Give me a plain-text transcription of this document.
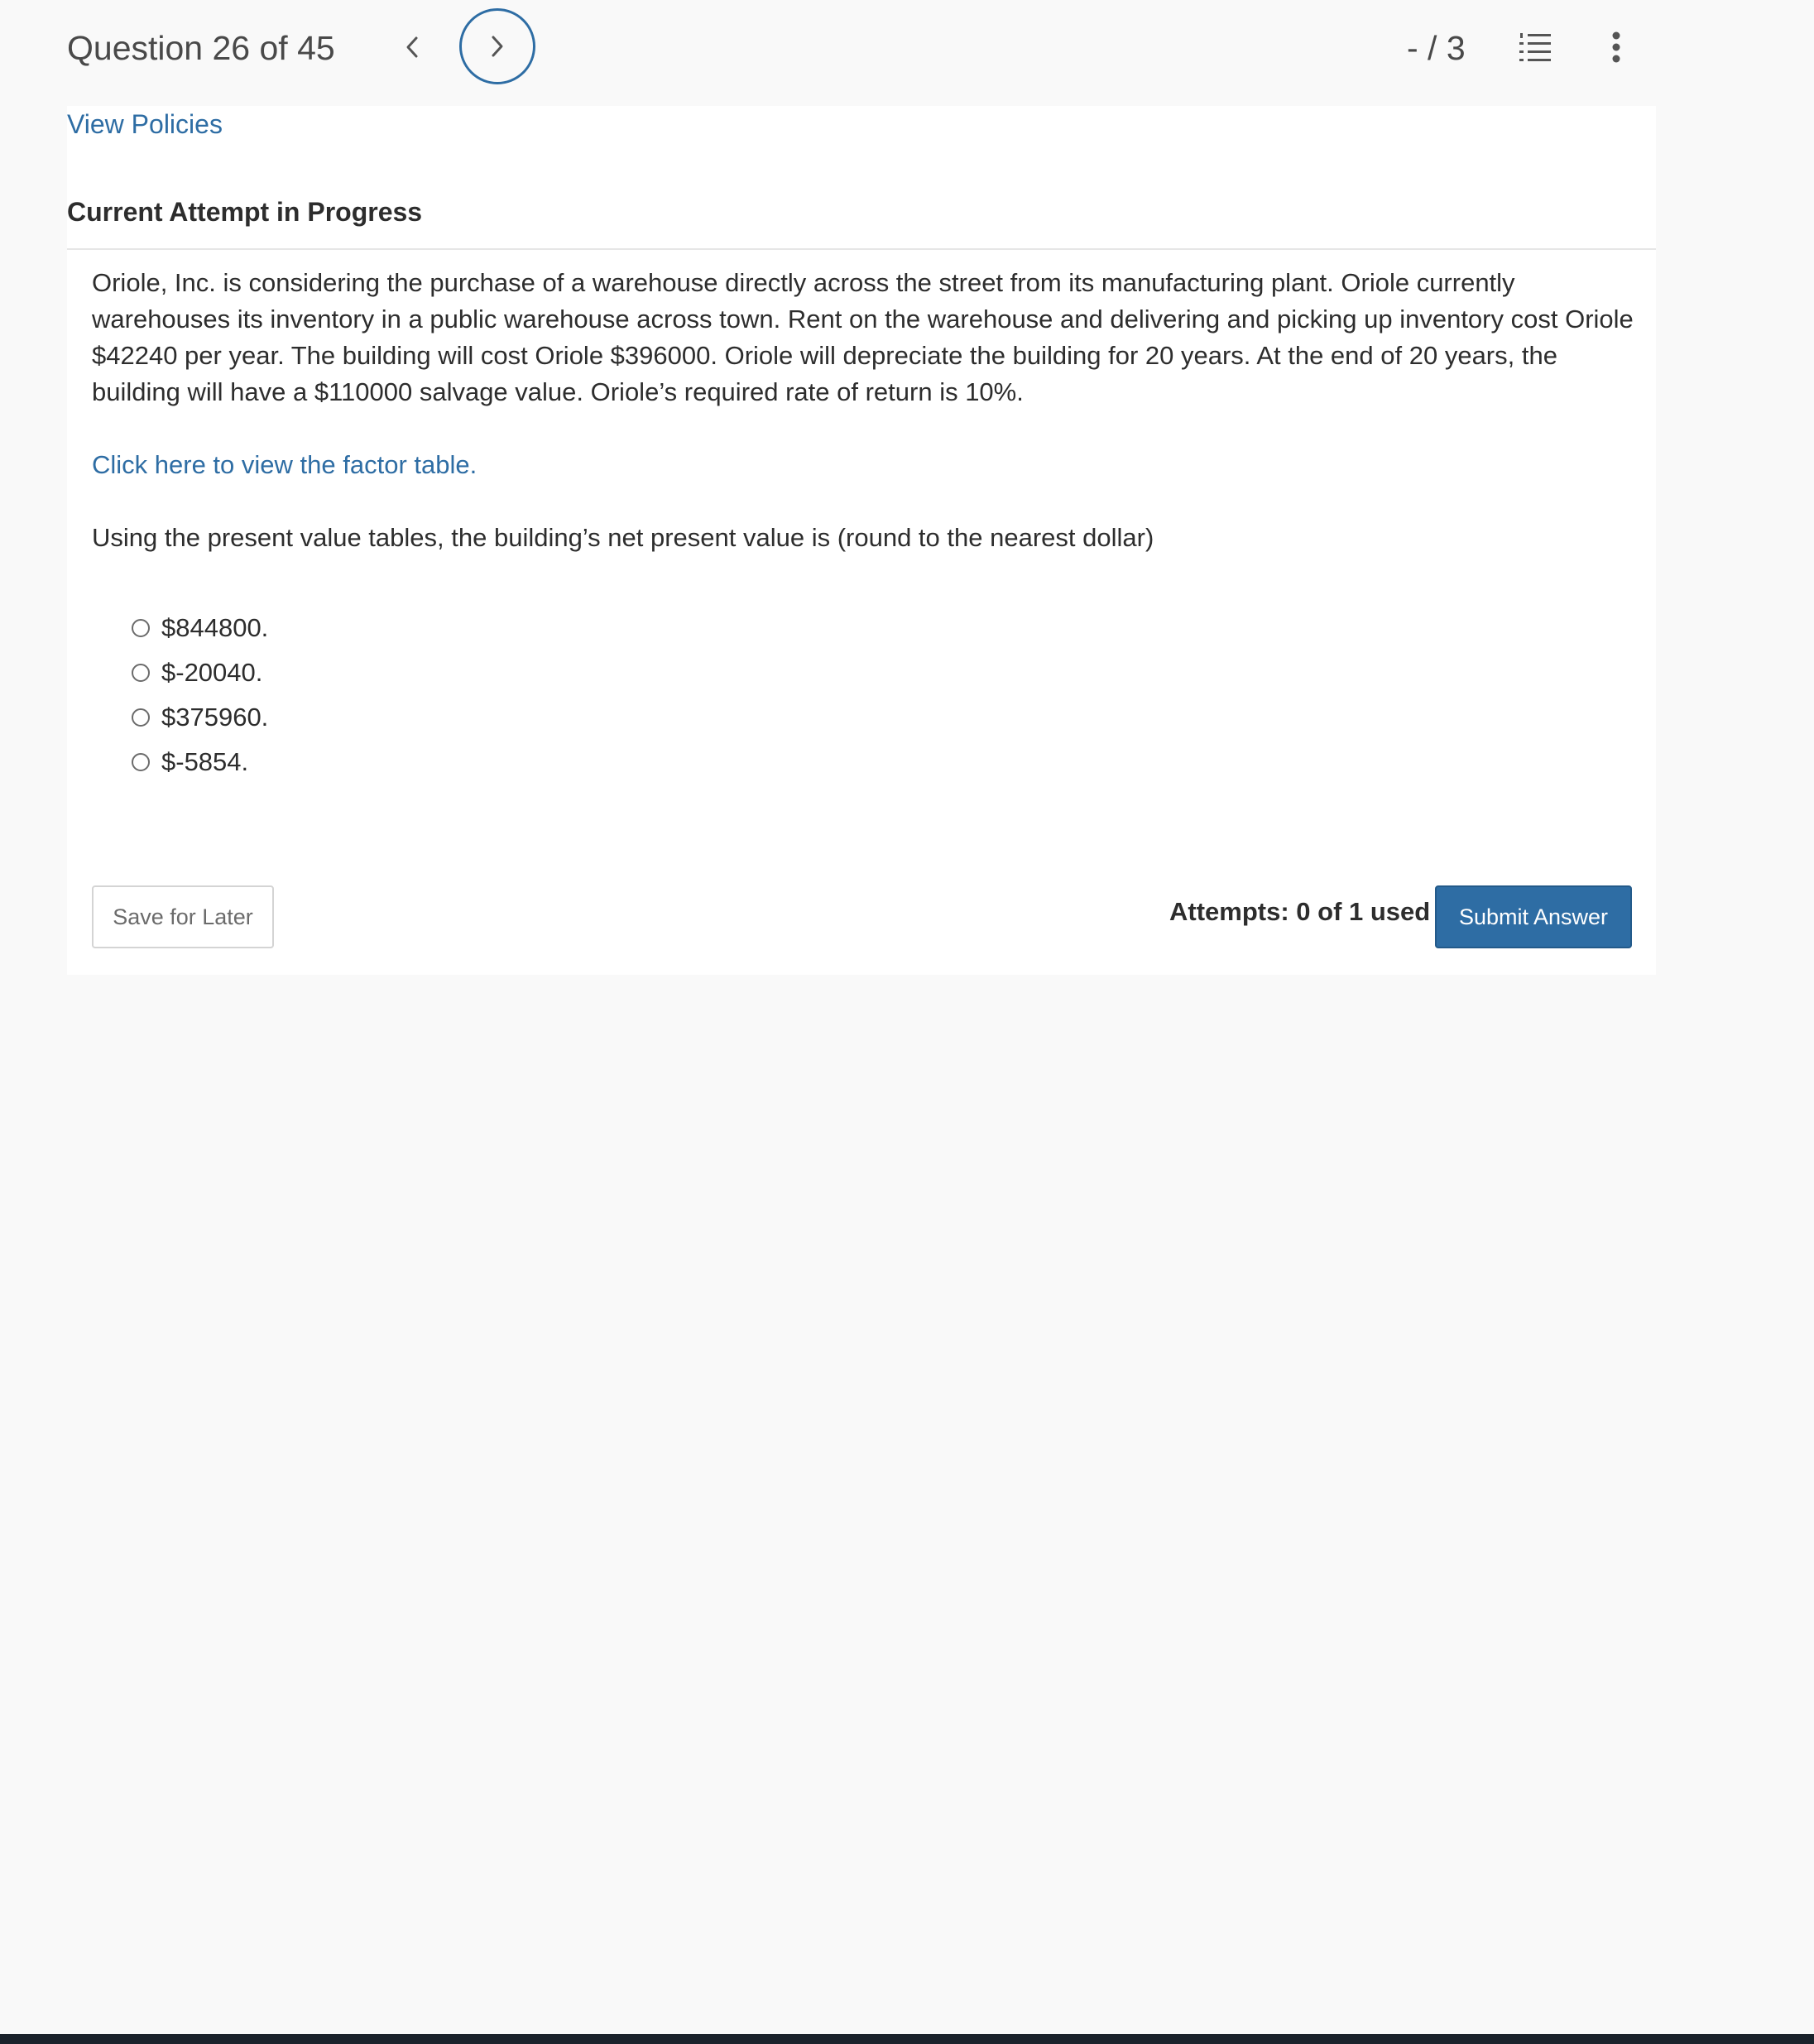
Question 26 of 45	- / 3
View Policies
Current Attempt in Progress
Oriole, Inc. is considering the purchase of a warehouse directly across the street from its manufacturing plant. Oriole currently warehouses its inventory in a public warehouse across town. Rent on the warehouse and delivering and picking up inventory cost Oriole $42240 per year. The building will cost Oriole $396000. Oriole will depreciate the building for 20 years. At the end of 20 years, the building will have a $110000 salvage value. Oriole’s required rate of return is 10%.
Click here to view the factor table.
Using the present value tables, the building’s net present value is (round to the nearest dollar)
$844800.
$-20040.
$375960.
$-5854.
Save for Later	Attempts: 0 of 1 used	Submit Answer
